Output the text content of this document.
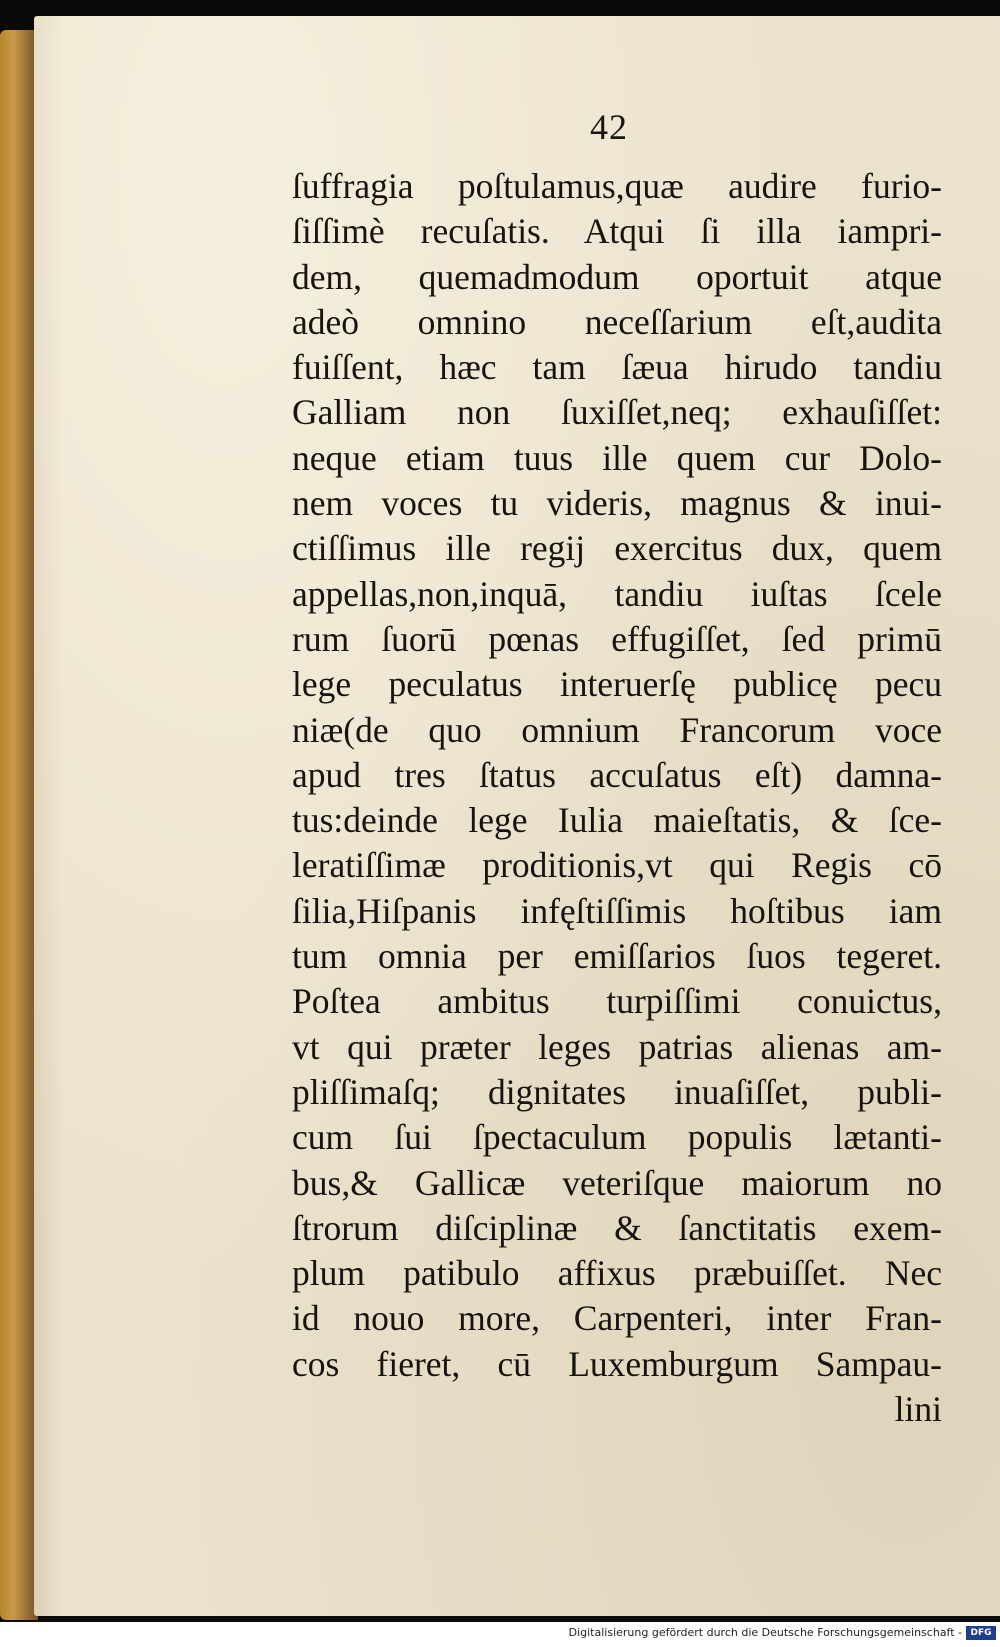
42
ſuffragia poſtulamus,quæ audire furio-
ſiſſimè recuſatis. Atqui ſi illa iampri-
dem, quemadmodum oportuit atque
adeò omnino neceſſarium eſt,audita
fuiſſent, hæc tam ſæua hirudo tandiu
Galliam non ſuxiſſet,neq; exhauſiſſet:
neque etiam tuus ille quem cur Dolo-
nem voces tu videris, magnus & inui-
ctiſſimus ille regij exercitus dux, quem
appellas,non,inquā, tandiu iuſtas ſcele
rum ſuorū pœnas effugiſſet, ſed primū
lege peculatus interuerſę publicę pecu
niæ(de quo omnium Francorum voce
apud tres ſtatus accuſatus eſt) damna-
tus:deinde lege Iulia maieſtatis, & ſce-
leratiſſimæ proditionis,vt qui Regis cō
ſilia,Hiſpanis infęſtiſſimis hoſtibus iam
tum omnia per emiſſarios ſuos tegeret.
Poſtea ambitus turpiſſimi conuictus,
vt qui præter leges patrias alienas am-
pliſſimaſq; dignitates inuaſiſſet, publi-
cum ſui ſpectaculum populis lætanti-
bus,& Gallicæ veteriſque maiorum no
ſtrorum diſciplinæ & ſanctitatis exem-
plum patibulo affixus præbuiſſet. Nec
id nouo more, Carpenteri, inter Fran-
cos fieret, cū Luxemburgum Sampau-
lini
Digitalisierung gefördert durch die Deutsche Forschungsgemeinschaft - DFG
